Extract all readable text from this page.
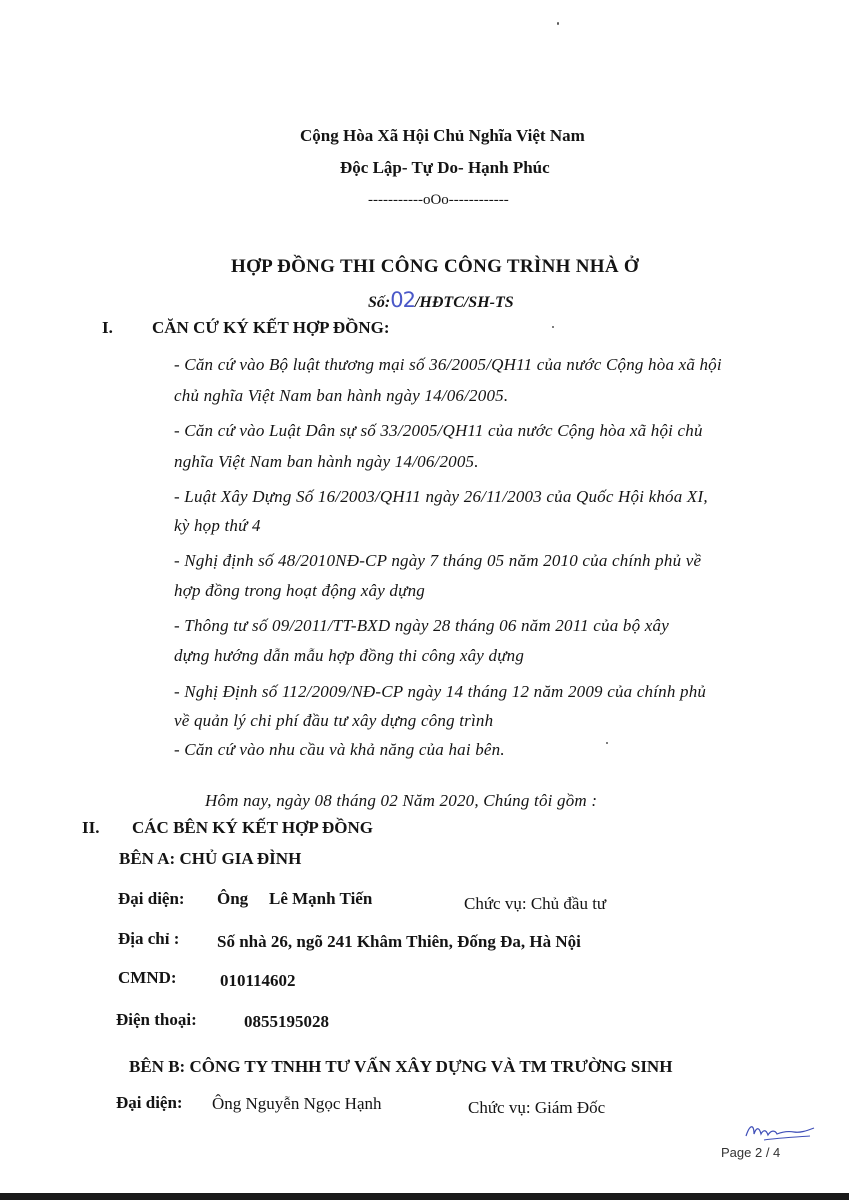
Cộng Hòa Xã Hội Chủ Nghĩa Việt Nam
Độc Lập- Tự Do- Hạnh Phúc
-----------oOo------------
HỢP ĐỒNG THI CÔNG CÔNG TRÌNH NHÀ Ở
Số:02/HĐTC/SH-TS
I. CĂN CỨ KÝ KẾT HỢP ĐỒNG:
- Căn cứ vào Bộ luật thương mại số 36/2005/QH11 của nước Cộng hòa xã hội
chủ nghĩa Việt Nam ban hành ngày 14/06/2005.
- Căn cứ vào Luật Dân sự số 33/2005/QH11 của nước Cộng hòa xã hội chủ
nghĩa Việt Nam ban hành ngày 14/06/2005.
- Luật Xây Dựng Số 16/2003/QH11 ngày 26/11/2003 của Quốc Hội khóa XI,
kỳ họp thứ 4
- Nghị định số 48/2010NĐ-CP ngày 7 tháng 05 năm 2010 của chính phủ về
hợp đồng trong hoạt động xây dựng
- Thông tư số 09/2011/TT-BXD ngày 28 tháng 06 năm 2011 của bộ xây
dựng hướng dẫn mẫu hợp đồng thi công xây dựng
- Nghị Định số 112/2009/NĐ-CP ngày 14 tháng 12 năm 2009 của chính phủ
về quản lý chi phí đầu tư xây dựng công trình
- Căn cứ vào nhu cầu và khả năng của hai bên.
Hôm nay, ngày 08 tháng 02 Năm 2020, Chúng tôi gồm :
II. CÁC BÊN KÝ KẾT HỢP ĐỒNG
BÊN A: CHỦ GIA ĐÌNH
Đại diện: Ông Lê Mạnh Tiến	Chức vụ: Chủ đầu tư
Địa chỉ : Số nhà 26, ngõ 241 Khâm Thiên, Đống Đa, Hà Nội
CMND:	010114602
Điện thoại:	0855195028
BÊN B: CÔNG TY TNHH TƯ VẤN XÂY DỰNG VÀ TM TRƯỜNG SINH
Đại diện: Ông Nguyễn Ngọc Hạnh	Chức vụ: Giám Đốc
Page 2 / 4
